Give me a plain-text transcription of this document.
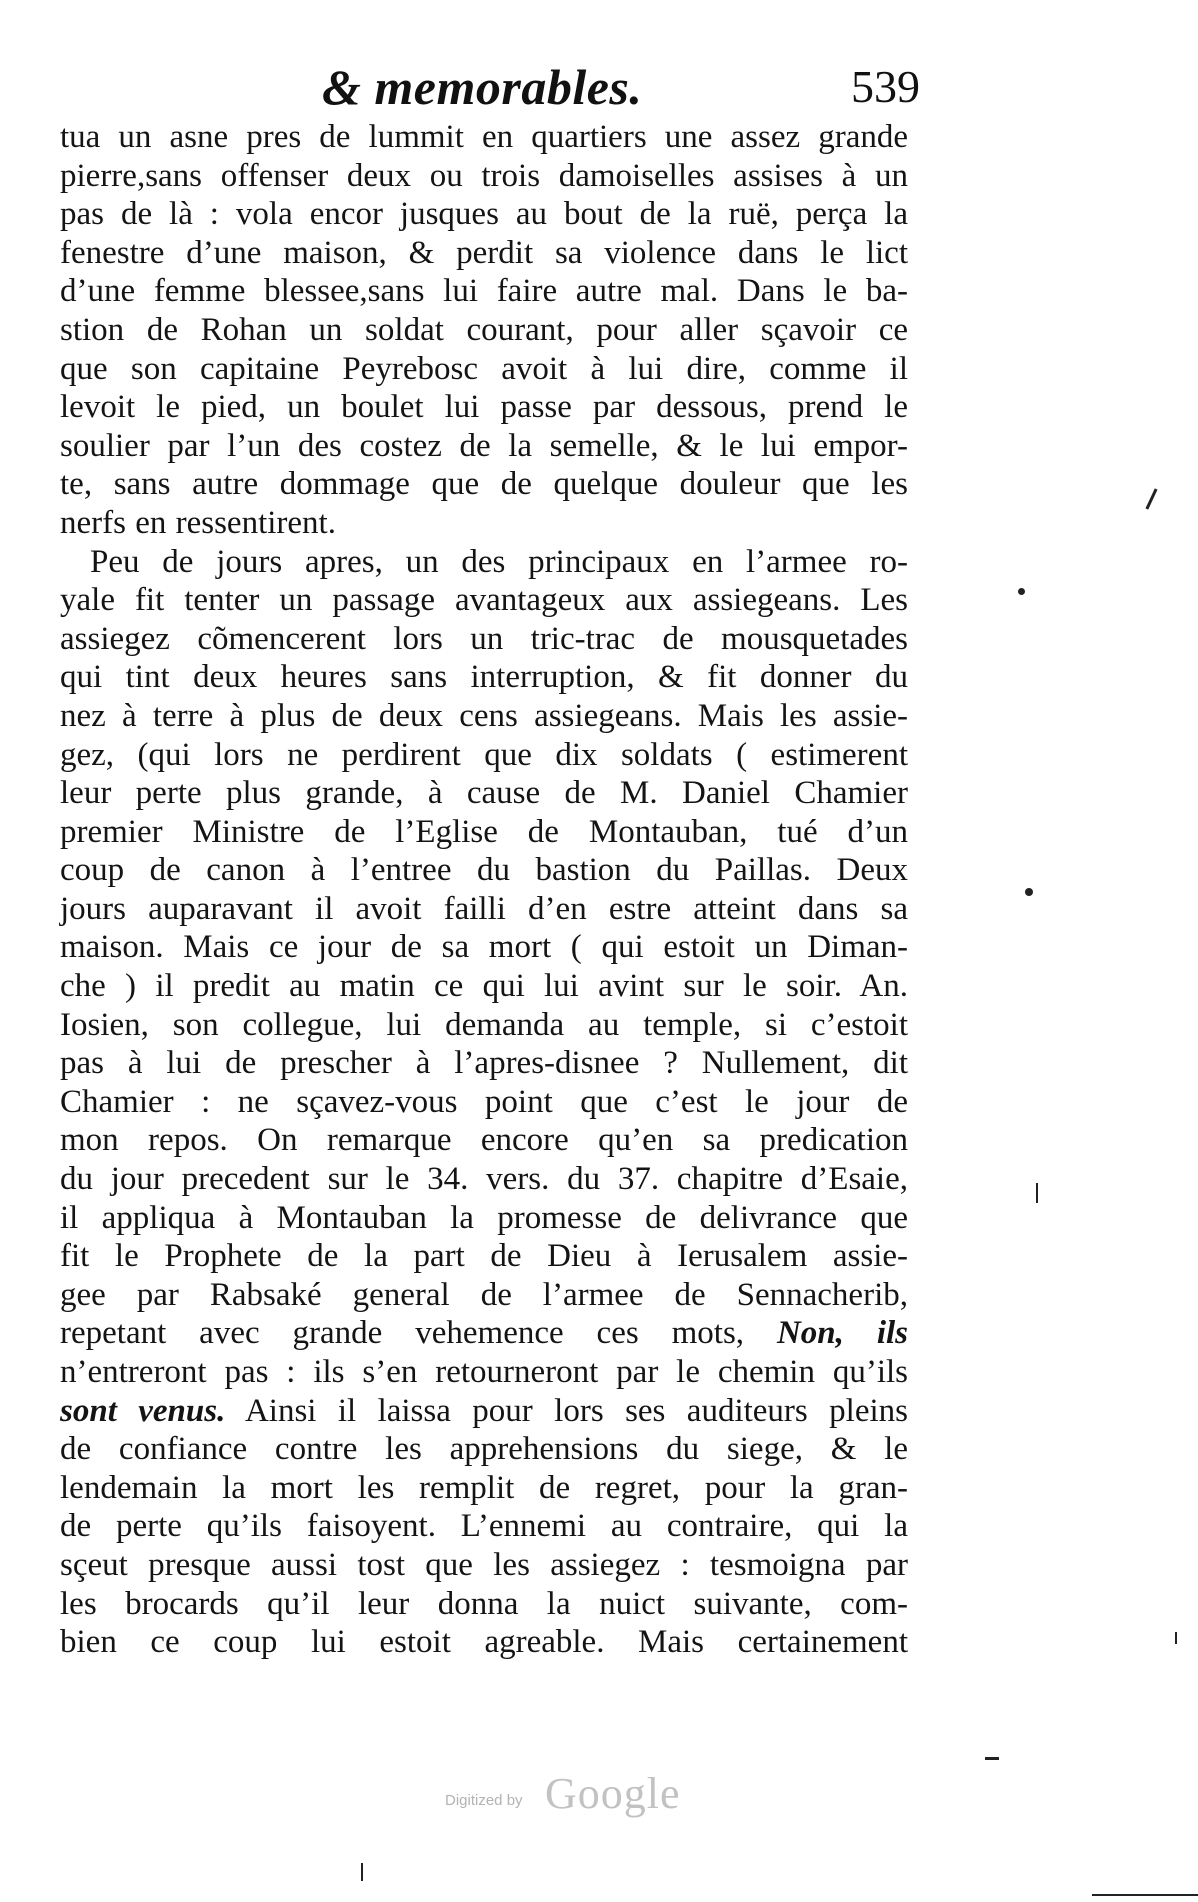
& memorables.	539
tua un asne pres de lummit en quartiers une assez grande
pierre,sans offenser deux ou trois damoiselles assises à un
pas de là : vola encor jusques au bout de la ruë, perça la
fenestre d’une maison, & perdit sa violence dans le lict
d’une femme blessee,sans lui faire autre mal. Dans le ba-
stion de Rohan un soldat courant, pour aller sçavoir ce
que son capitaine Peyrebosc avoit à lui dire, comme il
levoit le pied, un boulet lui passe par dessous, prend le
soulier par l’un des costez de la semelle, & le lui empor-
te, sans autre dommage que de quelque douleur que les
nerfs en ressentirent.
Peu de jours apres, un des principaux en l’armee ro-
yale fit tenter un passage avantageux aux assiegeans. Les
assiegez cõmencerent lors un tric-trac de mousquetades
qui tint deux heures sans interruption, & fit donner du
nez à terre à plus de deux cens assiegeans. Mais les assie-
gez, (qui lors ne perdirent que dix soldats ( estimerent
leur perte plus grande, à cause de M. Daniel Chamier
premier Ministre de l’Eglise de Montauban, tué d’un
coup de canon à l’entree du bastion du Paillas. Deux
jours auparavant il avoit failli d’en estre atteint dans sa
maison. Mais ce jour de sa mort ( qui estoit un Diman-
che ) il predit au matin ce qui lui avint sur le soir. An.
Iosien, son collegue, lui demanda au temple, si c’estoit
pas à lui de prescher à l’apres-disnee ? Nullement, dit
Chamier : ne sçavez-vous point que c’est le jour de
mon repos. On remarque encore qu’en sa predication
du jour precedent sur le 34. vers. du 37. chapitre d’Esaie,
il appliqua à Montauban la promesse de delivrance que
fit le Prophete de la part de Dieu à Ierusalem assie-
gee par Rabsaké general de l’armee de Sennacherib,
repetant avec grande vehemence ces mots, Non, ils
n’entreront pas : ils s’en retourneront par le chemin qu’ils
sont venus. Ainsi il laissa pour lors ses auditeurs pleins
de confiance contre les apprehensions du siege, & le
lendemain la mort les remplit de regret, pour la gran-
de perte qu’ils faisoyent. L’ennemi au contraire, qui la
sçeut presque aussi tost que les assiegez : tesmoigna par
les brocards qu’il leur donna la nuict suivante, com-
bien ce coup lui estoit agreable. Mais certainement
Digitized by Google
